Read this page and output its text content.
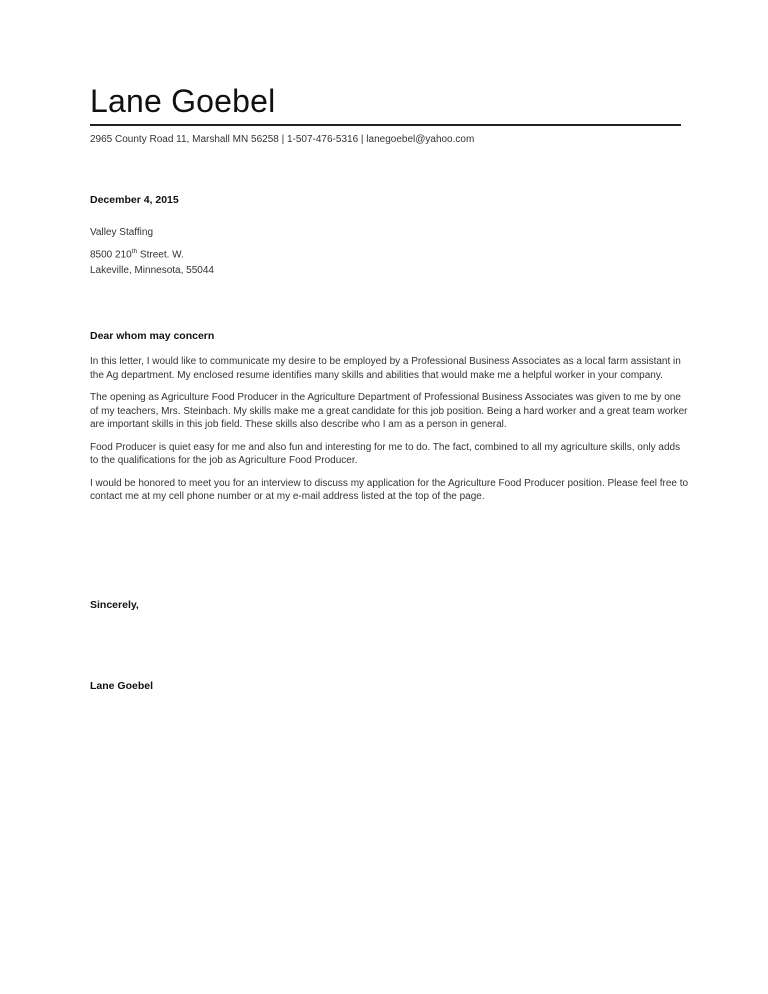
Lane Goebel
2965 County Road 11, Marshall MN 56258 | 1-507-476-5316 | lanegoebel@yahoo.com
December 4, 2015
Valley Staffing
8500 210th Street. W.
Lakeville, Minnesota, 55044
Dear whom may concern

In this letter, I would like to communicate my desire to be employed by a Professional Business Associates as a local farm assistant in the Ag department. My enclosed resume identifies many skills and abilities that would make me a helpful worker in your company.

The opening as Agriculture Food Producer in the Agriculture Department of Professional Business Associates was given to me by one of my teachers, Mrs. Steinbach. My skills make me a great candidate for this job position. Being a hard worker and a great team worker are important skills in this job field. These skills also describe who I am as a person in general.

Food Producer is quiet easy for me and also fun and interesting for me to do. The fact, combined to all my agriculture skills, only adds to the qualifications for the job as Agriculture Food Producer.

I would be honored to meet you for an interview to discuss my application for the Agriculture Food Producer position. Please feel free to contact me at my cell phone number or at my e-mail address listed at the top of the page.

Sincerely,
Lane Goebel
